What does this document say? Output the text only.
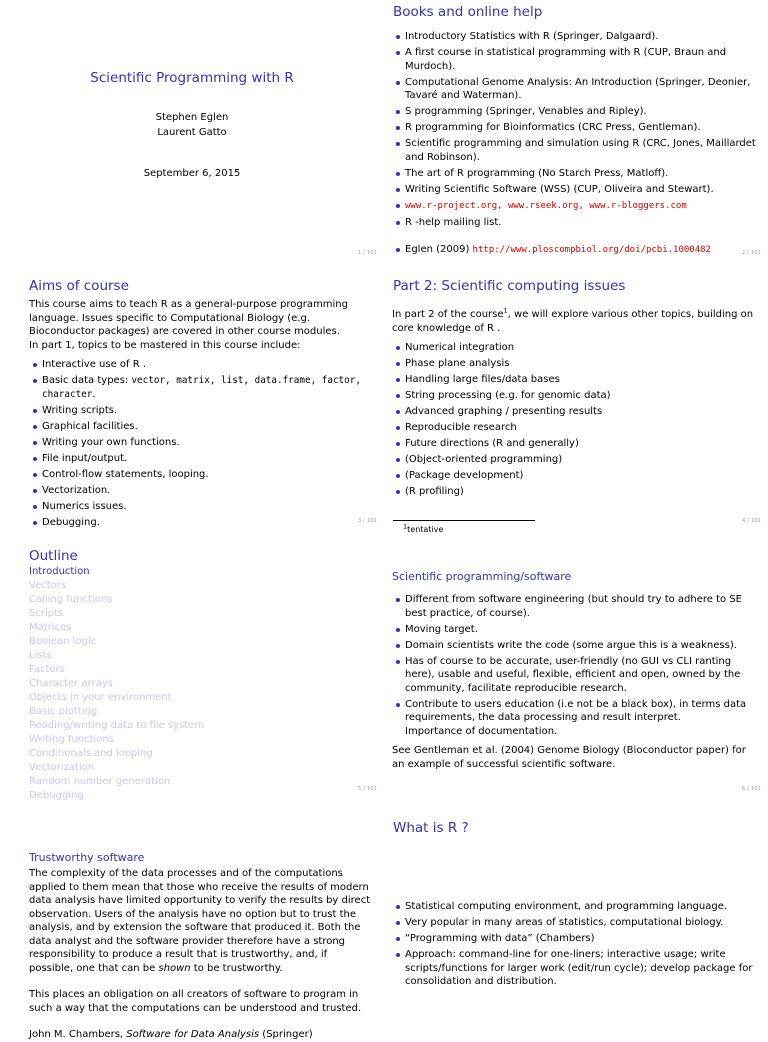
Scientific Programming with R
Stephen Eglen
Laurent Gatto
September 6, 2015
1 / 101
Books and online help
Introductory Statistics with R (Springer, Dalgaard).
A first course in statistical programming with R (CUP, Braun and Murdoch).
Computational Genome Analysis: An Introduction (Springer, Deonier, Tavaré and Waterman).
S programming (Springer, Venables and Ripley).
R programming for Bioinformatics (CRC Press, Gentleman).
Scientific programming and simulation using R (CRC, Jones, Maillardet and Robinson).
The art of R programming (No Starch Press, Matloff).
Writing Scientific Software (WSS) (CUP, Oliveira and Stewart).
www.r-project.org, www.rseek.org, www.r-bloggers.com
R -help mailing list.
Eglen (2009) http://www.ploscompbiol.org/doi/pcbi.1000482	2 / 101
Aims of course

This course aims to teach R as a general-purpose programming language. Issues specific to Computational Biology (e.g. Bioconductor packages) are covered in other course modules.

In part 1, topics to be mastered in this course include:

Interactive use of R .
Basic data types: vector, matrix, list, data.frame, factor, character.
Writing scripts.
Graphical facilities.
Writing your own functions.
File input/output.
Control-flow statements, looping.
Vectorization.
Numerics issues.
Debugging.	3 / 101
Part 2: Scientific computing issues

In part 2 of the course$^1$, we will explore various other topics, building on core knowledge of R .

Numerical integration
Phase plane analysis
Handling large files/data bases
String processing (e.g. for genomic data)
Advanced graphing / presenting results
Reproducible research
Future directions (R and generally)
(Object-oriented programming)
(Package development)
(R profiling)
$^1$tentative
4 / 101
Outline
Introduction
Vectors
Calling functions
Scripts
Matrices
Boolean logic
Lists
Factors
Character arrays
Objects in your environment
Basic plotting
Reading/writing data to file system
Writing functions
Conditionals and looping
Vectorization
Random number generation
Debugging
5 / 101
Scientific programming/software
Different from software engineering (but should try to adhere to SE best practice, of course).
Moving target.
Domain scientists write the code (some argue this is a weakness).
Has of course to be accurate, user-friendly (no GUI vs CLI ranting here), usable and useful, flexible, efficient and open, owned by the community, facilitate reproducible research.
Contribute to users education (i.e not be a black box), in terms data requirements, the data processing and result interpret.
Importance of documentation.

See Gentleman et al. (2004) Genome Biology (Bioconductor paper) for an example of successful scientific software.

6 / 101
Trustworthy software

The complexity of the data processes and of the computations applied to them mean that those who receive the results of modern data analysis have limited opportunity to verify the results by direct observation. Users of the analysis have no option but to trust the analysis, and by extension the software that produced it. Both the data analyst and the software provider therefore have a strong responsibility to produce a result that is trustworthy, and, if possible, one that can be shown to be trustworthy.

This places an obligation on all creators of software to program in such a way that the computations can be understood and trusted.

John M. Chambers, Software for Data Analysis (Springer)

What is R ?
Statistical computing environment, and programming language.
Very popular in many areas of statistics, computational biology.
“Programming with data” (Chambers)
Approach: command-line for one-liners; interactive usage; write scripts/functions for larger work (edit/run cycle); develop package for consolidation and distribution.
